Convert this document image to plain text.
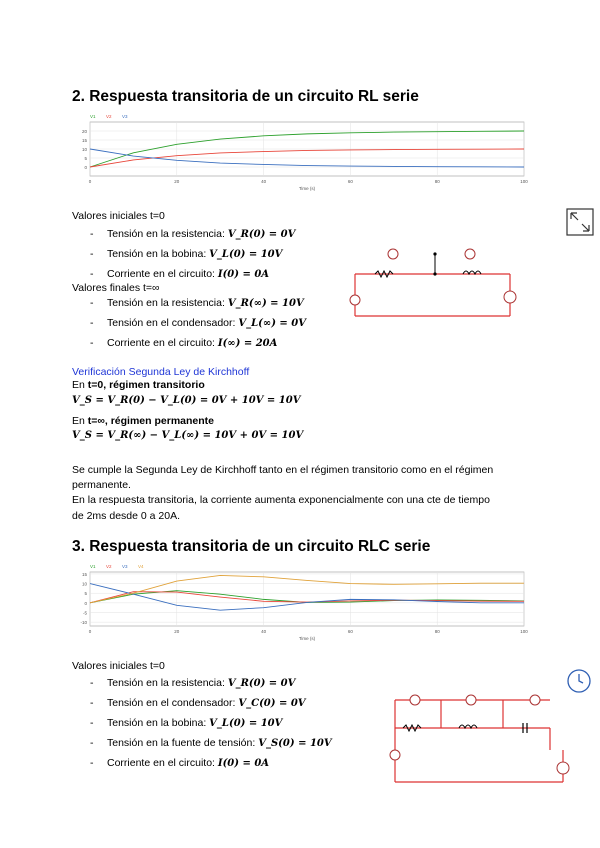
2. Respuesta transitoria de un circuito RL serie
20
15
10
5
0
0	20	40	60	80	100
Time (s)
V1 V2 V3
Valores iniciales t=0
- Tensión en la resistencia: V_R(0) = 0V
- Tensión en la bobina: V_L(0) = 10V
- Corriente en el circuito: I(0) = 0A
Valores finales t=∞
- Tensión en la resistencia: V_R(∞) = 10V
- Tensión en el condensador: V_L(∞) = 0V
- Corriente en el circuito: I(∞) = 20A
Verificación Segunda Ley de Kirchhoff
En t=0, régimen transitorio
V_S = V_R(0) − V_L(0) = 0V + 10V = 10V
En t=∞, régimen permanente
V_S = V_R(∞) − V_L(∞) = 10V + 0V = 10V
Se cumple la Segunda Ley de Kirchhoff tanto en el régimen transitorio como en el régimen
permanente.
En la respuesta transitoria, la corriente aumenta exponencialmente con una cte de tiempo
de 2ms desde 0 a 20A.
3. Respuesta transitoria de un circuito RLC serie
15
10
5
0
-5
-10
0	20	40	60	80	100
Time (s)
V1 V2 V3 V4
Valores iniciales t=0
- Tensión en la resistencia: V_R(0) = 0V
- Tensión en el condensador: V_C(0) = 0V
- Tensión en la bobina: V_L(0) = 10V
- Tensión en la fuente de tensión: V_S(0) = 10V
- Corriente en el circuito: I(0) = 0A
